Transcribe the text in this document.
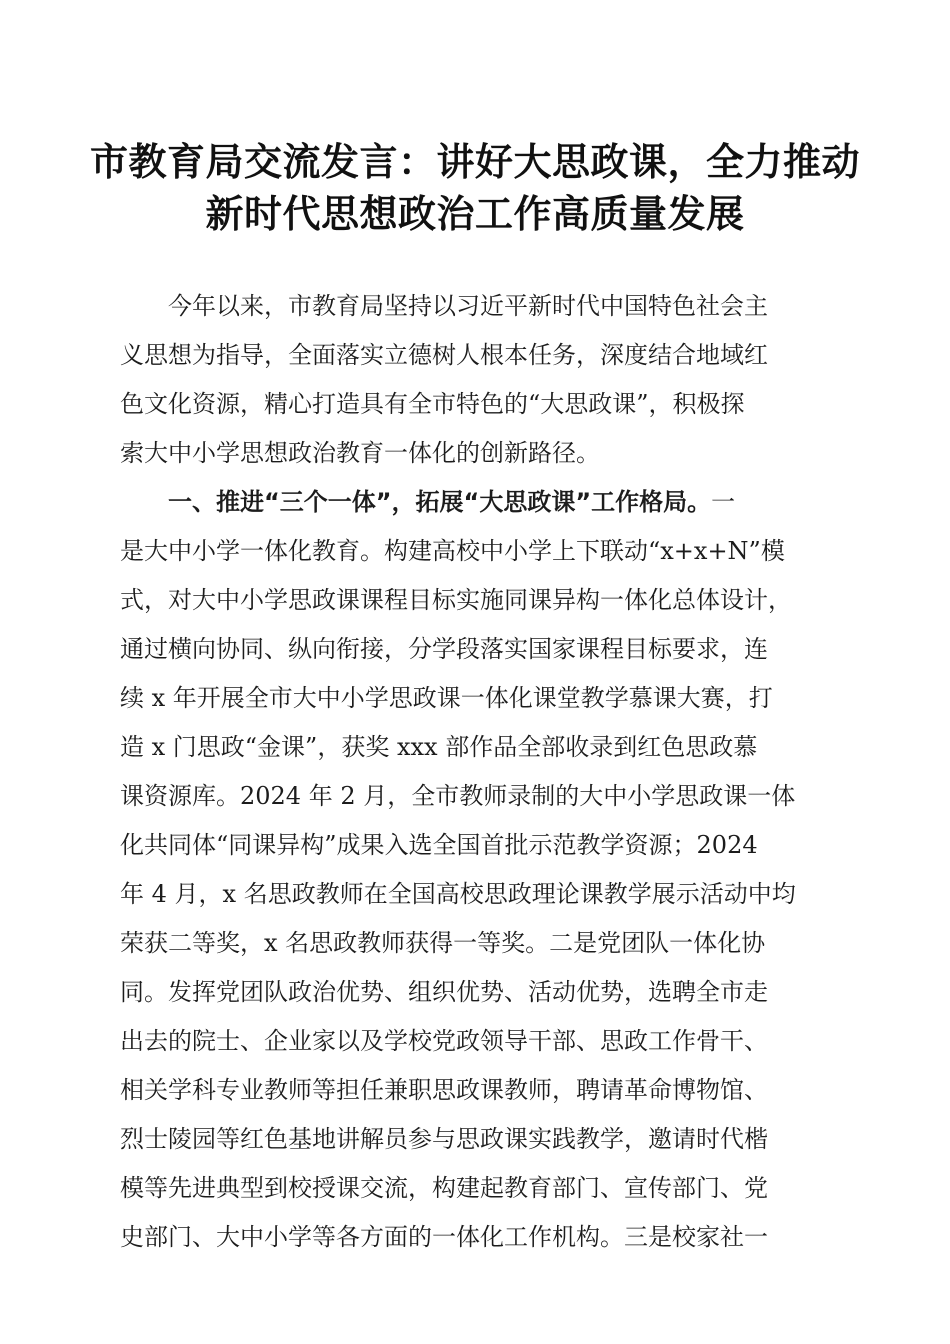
市教育局交流发言：讲好大思政课，全力推动
新时代思想政治工作高质量发展

今年以来，市教育局坚持以习近平新时代中国特色社会主
义思想为指导，全面落实立德树人根本任务，深度结合地域红
色文化资源，精心打造具有全市特色的“大思政课”，积极探
索大中小学思想政治教育一体化的创新路径。

一、推进“三个一体”，拓展“大思政课”工作格局。一
是大中小学一体化教育。构建高校中小学上下联动“x+x+N”模
式，对大中小学思政课课程目标实施同课异构一体化总体设计，
通过横向协同、纵向衔接，分学段落实国家课程目标要求，连
续 x 年开展全市大中小学思政课一体化课堂教学慕课大赛，打
造 x 门思政“金课”，获奖 xxx 部作品全部收录到红色思政慕
课资源库。2024 年 2 月，全市教师录制的大中小学思政课一体
化共同体“同课异构”成果入选全国首批示范教学资源；2024
年 4 月，x 名思政教师在全国高校思政理论课教学展示活动中均
荣获二等奖，x 名思政教师获得一等奖。二是党团队一体化协
同。发挥党团队政治优势、组织优势、活动优势，选聘全市走
出去的院士、企业家以及学校党政领导干部、思政工作骨干、
相关学科专业教师等担任兼职思政课教师，聘请革命博物馆、
烈士陵园等红色基地讲解员参与思政课实践教学，邀请时代楷
模等先进典型到校授课交流，构建起教育部门、宣传部门、党
史部门、大中小学等各方面的一体化工作机构。三是校家社一
